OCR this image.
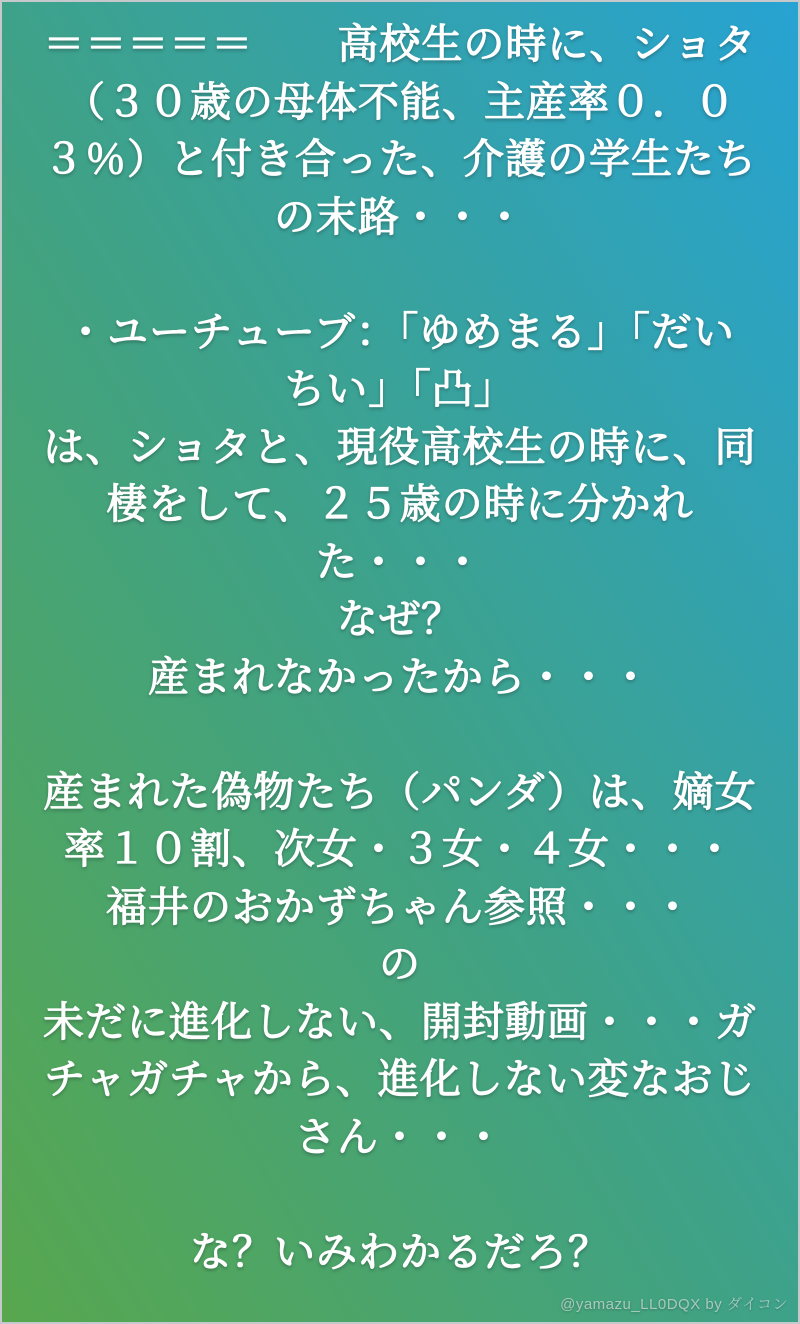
＝＝＝＝＝　　高校生の時に、ショタ
（３０歳の母体不能、主産率０．０
３％）と付き合った、介護の学生たち
の末路・・・
・ユーチューブ：「ゆめまる」「だい
ちい」「凸」
は、ショタと、現役高校生の時に、同
棲をして、２５歳の時に分かれ
た・・・
なぜ？
産まれなかったから・・・
産まれた偽物たち（パンダ）は、嫡女
率１０割、次女・３女・４女・・・
福井のおかずちゃん参照・・・
の
未だに進化しない、開封動画・・・ガ
チャガチャから、進化しない変なおじ
さん・・・
な？いみわかるだろ？
@yamazu_LL0DQX by ダイコン
